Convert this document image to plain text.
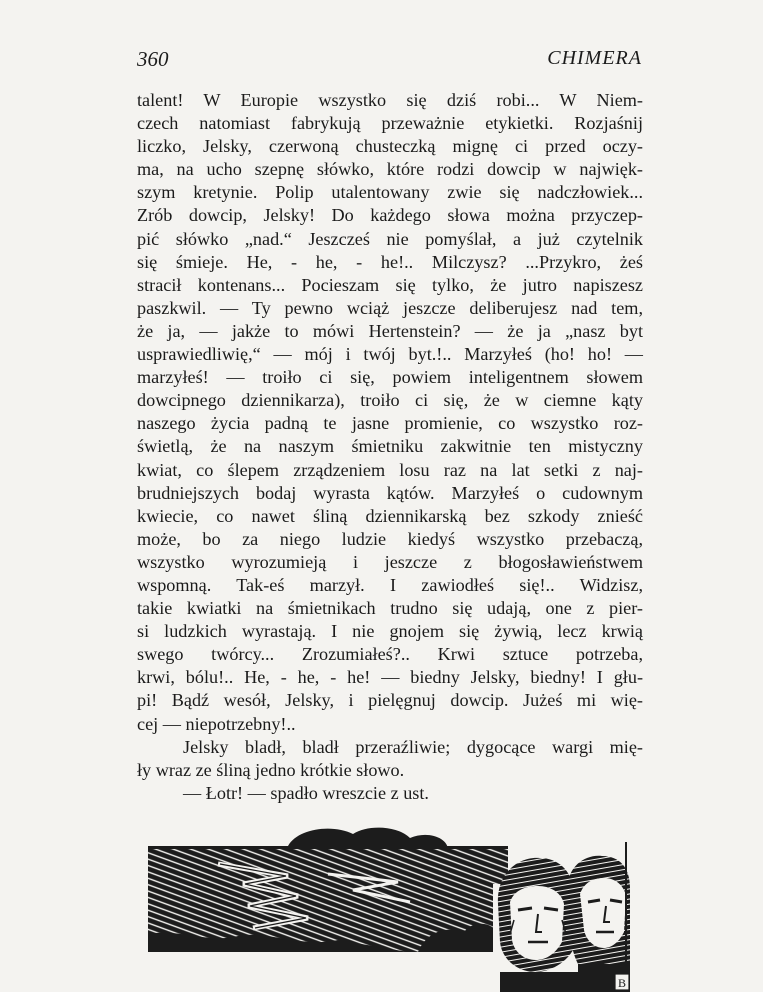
360	CHIMERA
talent! W Europie wszystko się dziś robi... W Niem-
czech natomiast fabrykują przeważnie etykietki. Rozjaśnij
liczko, Jelsky, czerwoną chusteczką mignę ci przed oczy-
ma, na ucho szepnę słówko, które rodzi dowcip w najwięk-
szym kretynie. Polip utalentowany zwie się nadczłowiek...
Zrób dowcip, Jelsky! Do każdego słowa można przyczep-
pić słówko „nad.“ Jeszcześ nie pomyślał, a już czytelnik
się śmieje. He, - he, - he!.. Milczysz? ...Przykro, żeś
stracił kontenans... Pocieszam się tylko, że jutro napiszesz
paszkwil. — Ty pewno wciąż jeszcze deliberujesz nad tem,
że ja, — jakże to mówi Hertenstein? — że ja „nasz byt
usprawiedliwię,“ — mój i twój byt.!.. Marzyłeś (ho! ho! —
marzyłeś! — troiło ci się, powiem inteligentnem słowem
dowcipnego dziennikarza), troiło ci się, że w ciemne kąty
naszego życia padną te jasne promienie, co wszystko roz-
świetlą, że na naszym śmietniku zakwitnie ten mistyczny
kwiat, co ślepem zrządzeniem losu raz na lat setki z naj-
brudniejszych bodaj wyrasta kątów. Marzyłeś o cudownym
kwiecie, co nawet śliną dziennikarską bez szkody znieść
może, bo za niego ludzie kiedyś wszystko przebaczą,
wszystko wyrozumieją i jeszcze z błogosławieństwem
wspomną. Tak-eś marzył. I zawiodłeś się!.. Widzisz,
takie kwiatki na śmietnikach trudno się udają, one z pier-
si ludzkich wyrastają. I nie gnojem się żywią, lecz krwią
swego twórcy... Zrozumiałeś?.. Krwi sztuce potrzeba,
krwi, bólu!.. He, - he, - he! — biedny Jelsky, biedny! I głu-
pi! Bądź wesół, Jelsky, i pielęgnuj dowcip. Jużeś mi wię-
cej — niepotrzebny!..
Jelsky bladł, bladł przeraźliwie; dygocące wargi mię-
ły wraz ze śliną jedno krótkie słowo.
— Łotr! — spadło wreszcie z ust.
B
